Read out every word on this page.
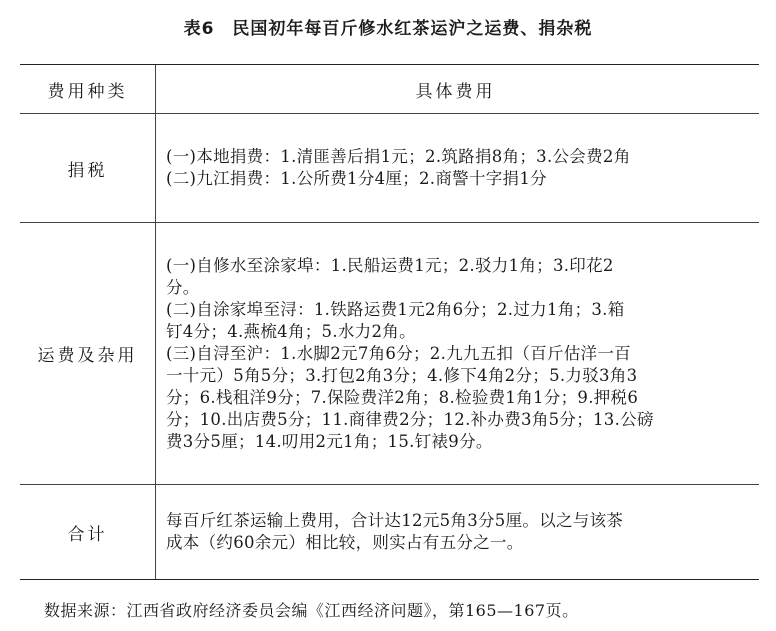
表6　民国初年每百斤修水红茶运沪之运费、捐杂税
费用种类	具体费用
捐税
(一)本地捐费：1.清匪善后捐1元；2.筑路捐8角；3.公会费2角
(二)九江捐费：1.公所费1分4厘；2.商警十字捐1分
运费及杂用
(一)自修水至涂家埠：1.民船运费1元；2.驳力1角；3.印花2
分。
(二)自涂家埠至浔：1.铁路运费1元2角6分；2.过力1角；3.箱
钉4分；4.燕梳4角；5.水力2角。
(三)自浔至沪：1.水脚2元7角6分；2.九九五扣（百斤估洋一百
一十元）5角5分；3.打包2角3分；4.修下4角2分；5.力驳3角3
分；6.栈租洋9分；7.保险费洋2角；8.检验费1角1分；9.押税6
分；10.出店费5分；11.商律费2分；12.补办费3角5分；13.公磅
费3分5厘；14.叨用2元1角；15.钉裱9分。
合计
每百斤红茶运输上费用，合计达12元5角3分5厘。以之与该茶
成本（约60余元）相比较，则实占有五分之一。
数据来源：江西省政府经济委员会编《江西经济问题》，第165—167页。
